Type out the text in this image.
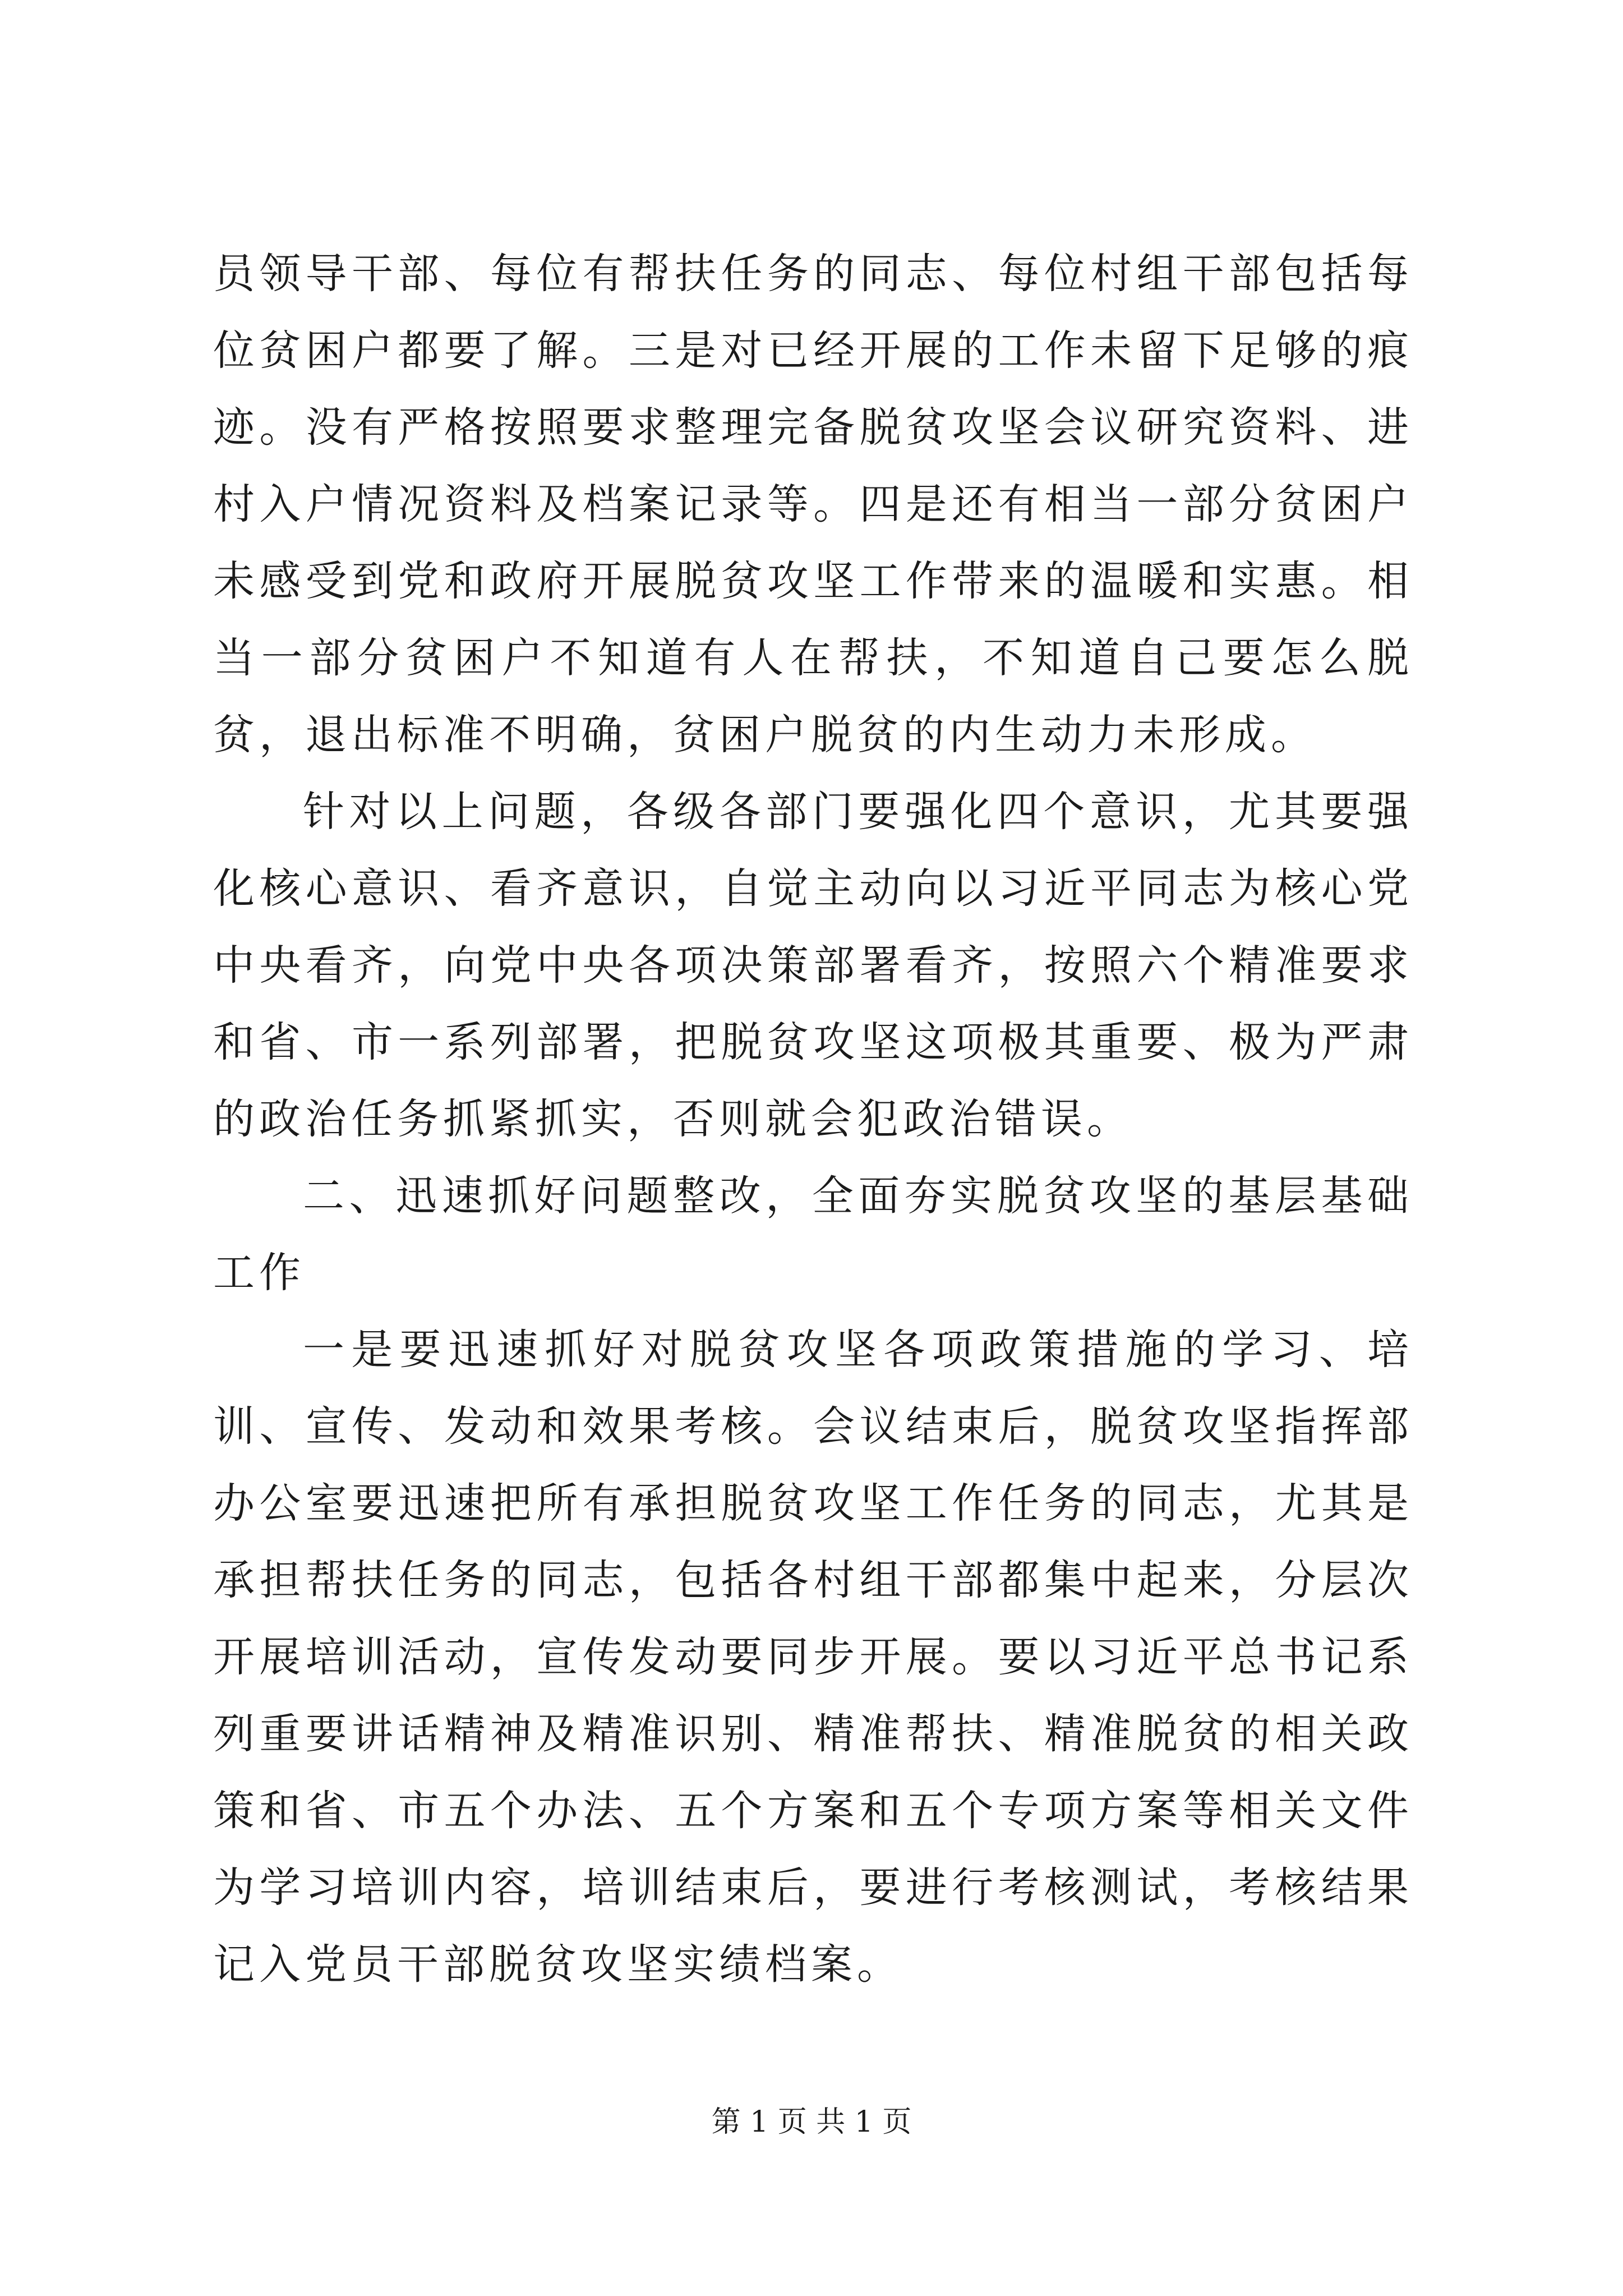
员领导干部、每位有帮扶任务的同志、每位村组干部包括每位贫困户都要了解。三是对已经开展的工作未留下足够的痕迹。没有严格按照要求整理完备脱贫攻坚会议研究资料、进村入户情况资料及档案记录等。四是还有相当一部分贫困户未感受到党和政府开展脱贫攻坚工作带来的温暖和实惠。相当一部分贫困户不知道有人在帮扶，不知道自己要怎么脱贫，退出标准不明确，贫困户脱贫的内生动力未形成。

针对以上问题，各级各部门要强化四个意识，尤其要强化核心意识、看齐意识，自觉主动向以习近平同志为核心党中央看齐，向党中央各项决策部署看齐，按照六个精准要求和省、市一系列部署，把脱贫攻坚这项极其重要、极为严肃的政治任务抓紧抓实，否则就会犯政治错误。

二、迅速抓好问题整改，全面夯实脱贫攻坚的基层基础工作

一是要迅速抓好对脱贫攻坚各项政策措施的学习、培训、宣传、发动和效果考核。会议结束后，脱贫攻坚指挥部办公室要迅速把所有承担脱贫攻坚工作任务的同志，尤其是承担帮扶任务的同志，包括各村组干部都集中起来，分层次开展培训活动，宣传发动要同步开展。要以习近平总书记系列重要讲话精神及精准识别、精准帮扶、精准脱贫的相关政策和省、市五个办法、五个方案和五个专项方案等相关文件为学习培训内容，培训结束后，要进行考核测试，考核结果记入党员干部脱贫攻坚实绩档案。

第 1 页 共 1 页
